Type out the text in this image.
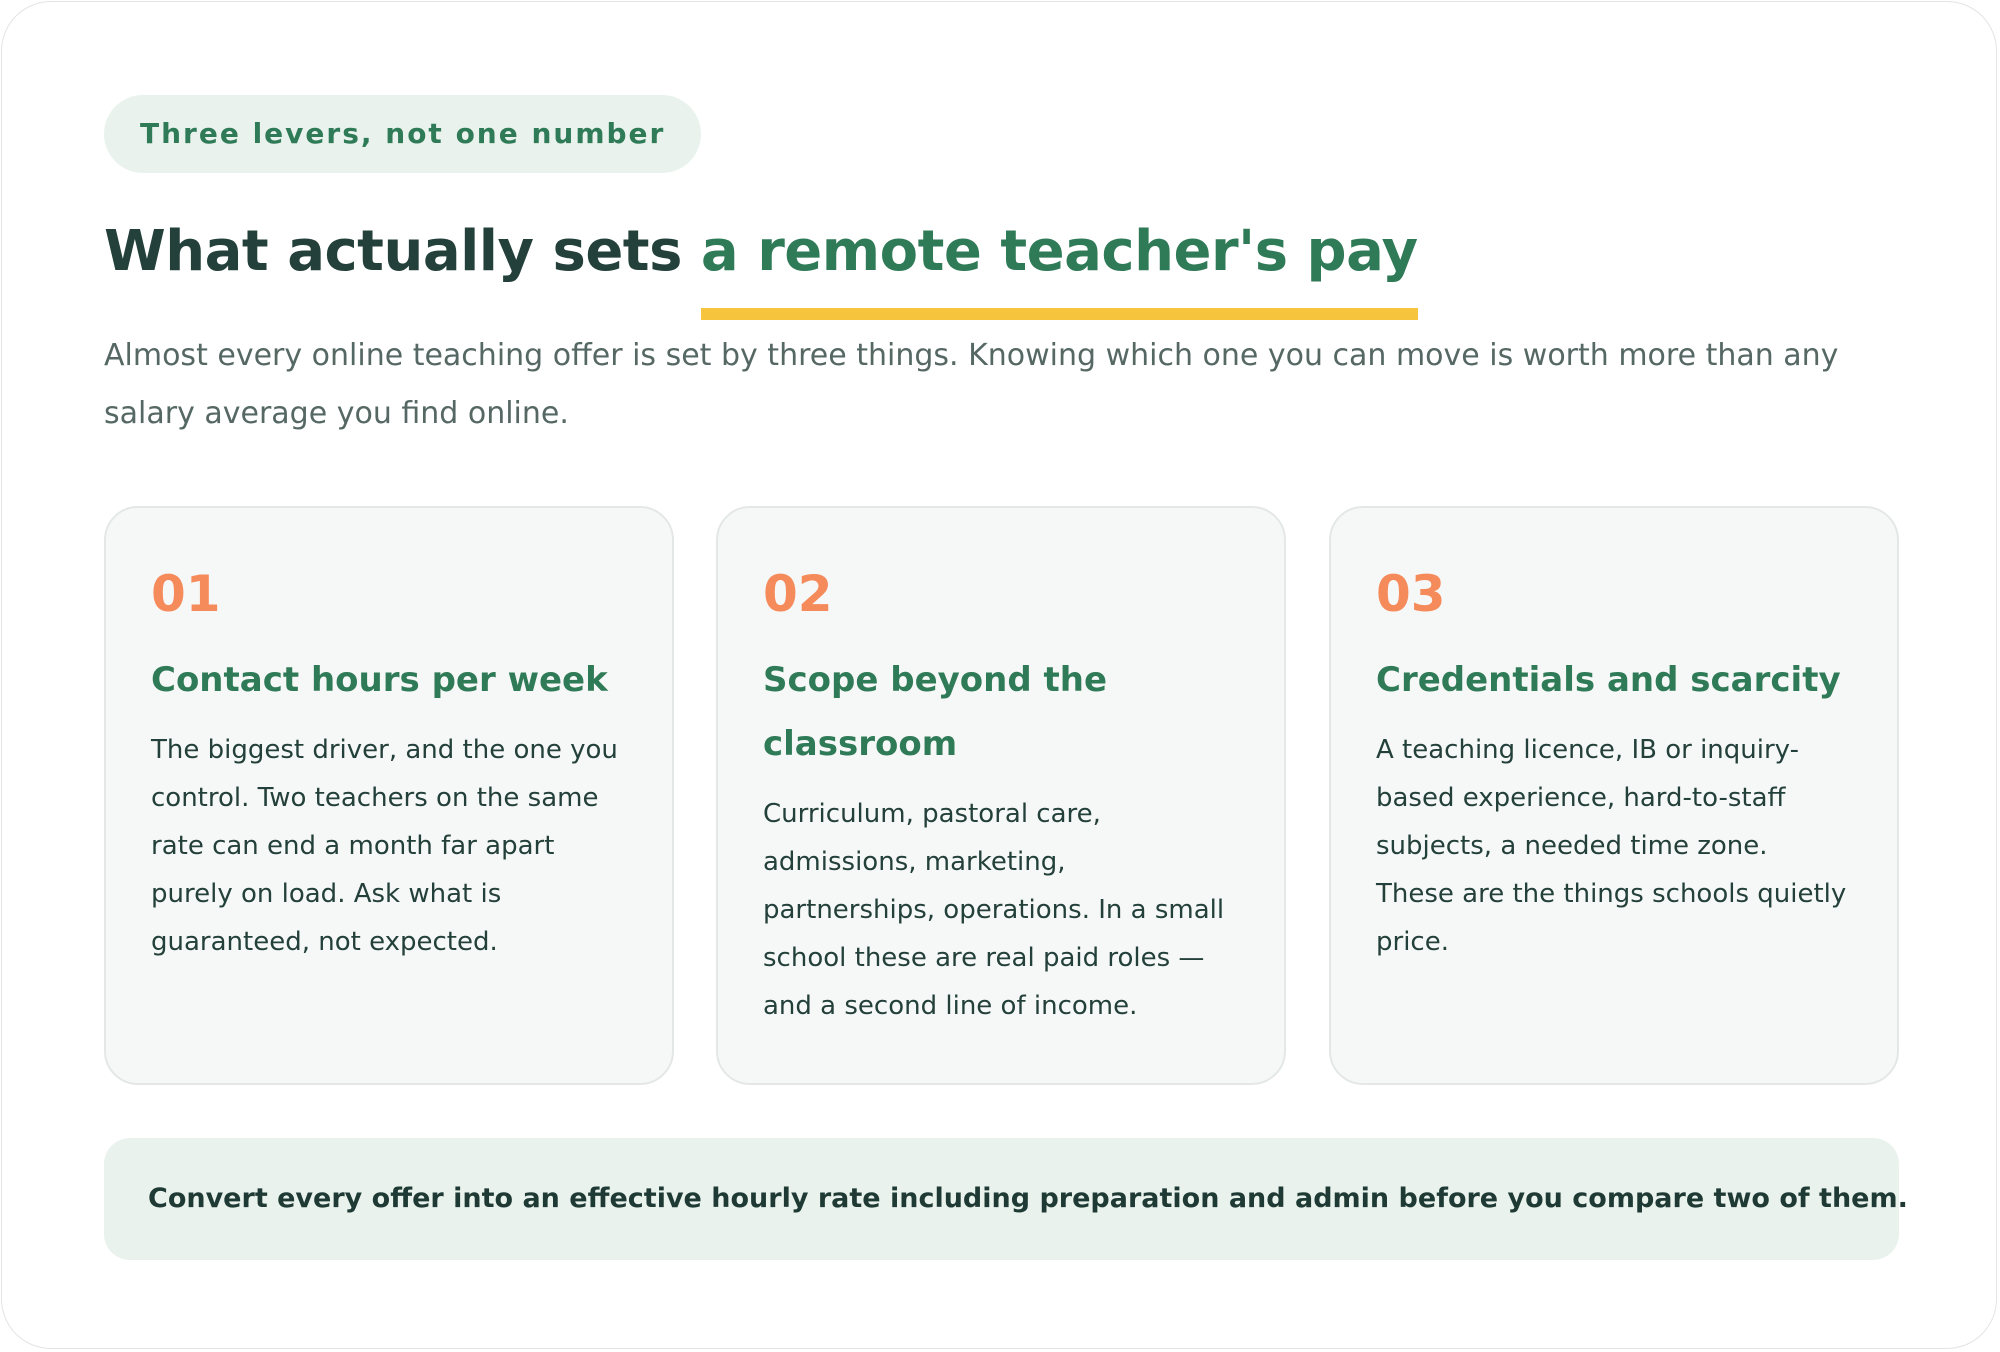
Three levers, not one number
What actually sets a remote teacher's pay

Almost every online teaching offer is set by three things. Knowing which one you can move is worth more than any salary average you find online.

01
Contact hours per week
The biggest driver, and the one you control. Two teachers on the same rate can end a month far apart purely on load. Ask what is guaranteed, not expected.
02
Scope beyond the classroom
Curriculum, pastoral care, admissions, marketing, partnerships, operations. In a small school these are real paid roles — and a second line of income.
03
Credentials and scarcity
A teaching licence, IB or inquiry-based experience, hard-to-staff subjects, a needed time zone. These are the things schools quietly price.
Convert every offer into an effective hourly rate including preparation and admin before you compare two of them.
